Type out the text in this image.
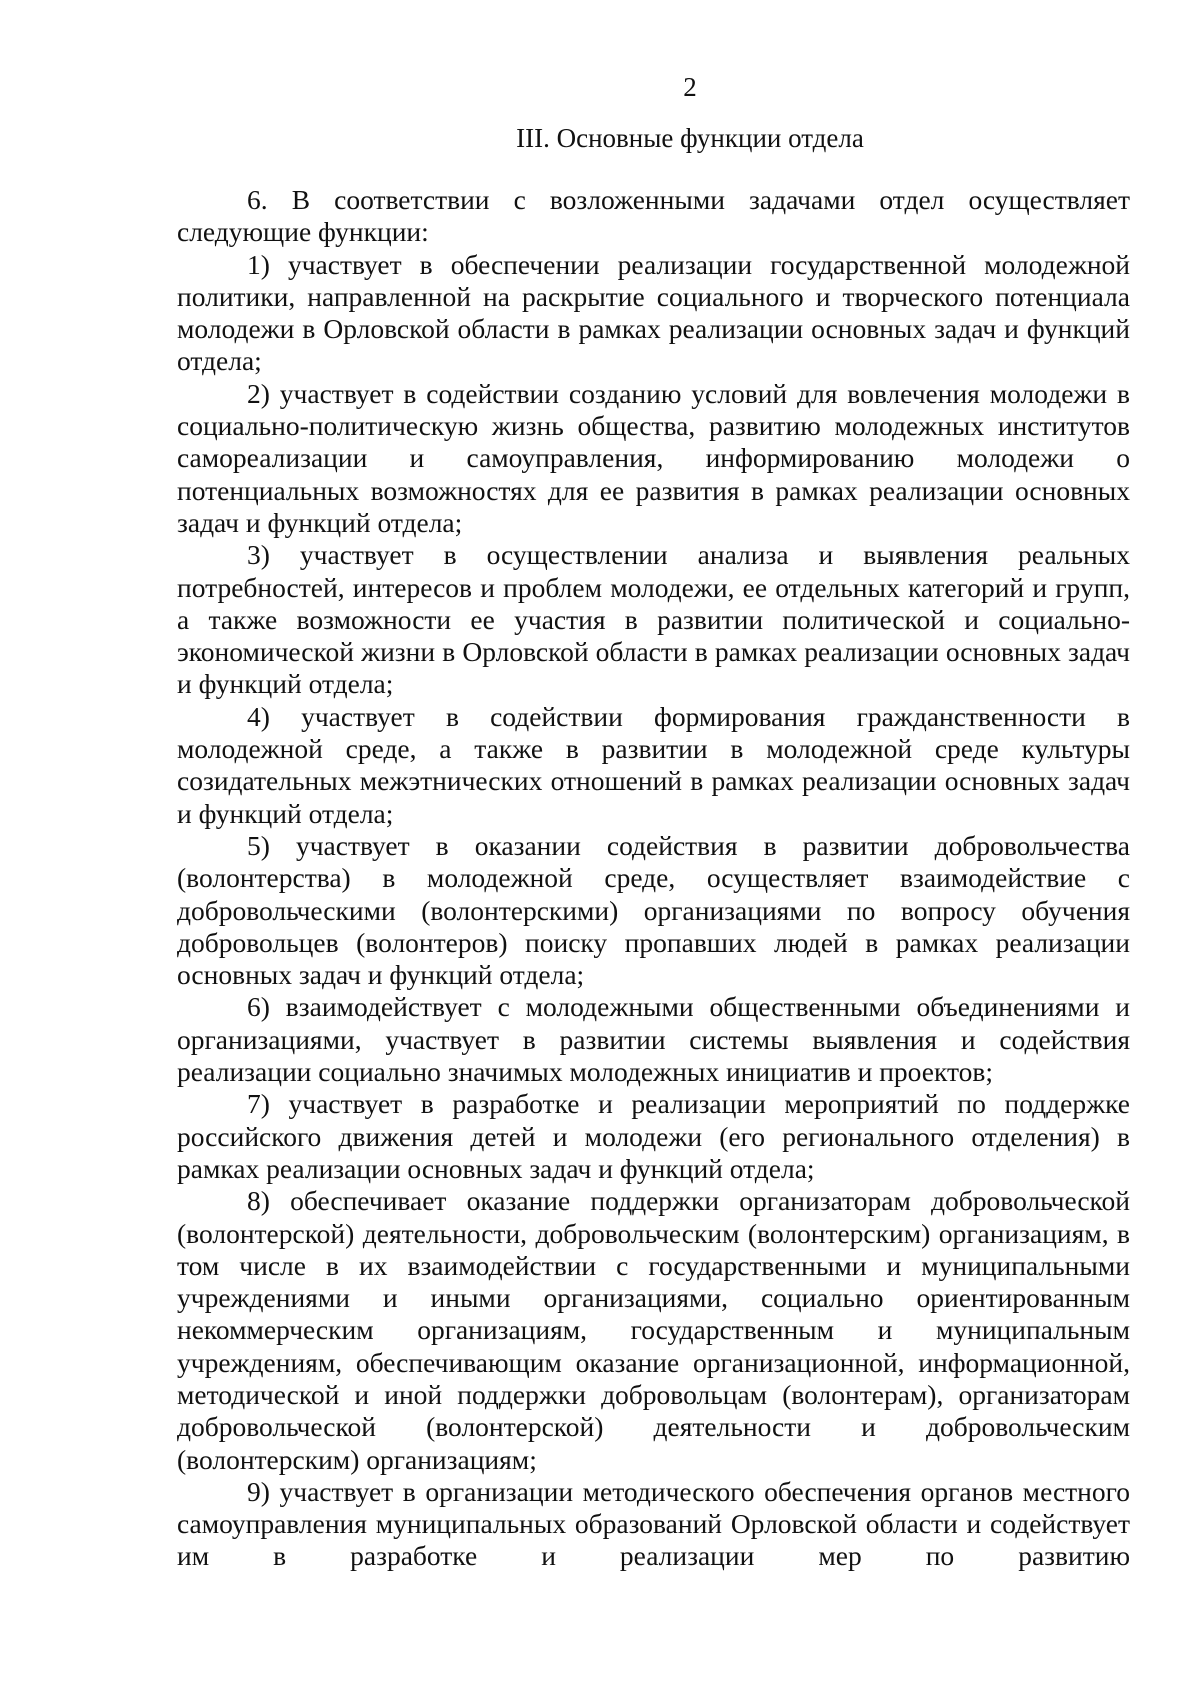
2
III. Основные функции отдела

6. В соответствии с возложенными задачами отдел осуществляет следующие функции:

1) участвует в обеспечении реализации государственной молодежной политики, направленной на раскрытие социального и творческого потенциала молодежи в Орловской области в рамках реализации основных задач и функций отдела;

2) участвует в содействии созданию условий для вовлечения молодежи в социально-политическую жизнь общества, развитию молодежных институтов самореализации и самоуправления, информированию молодежи о потенциальных возможностях для ее развития в рамках реализации основных задач и функций отдела;

3) участвует в осуществлении анализа и выявления реальных потребностей, интересов и проблем молодежи, ее отдельных категорий и групп, а также возможности ее участия в развитии политической и социально-экономической жизни в Орловской области в рамках реализации основных задач и функций отдела;

4) участвует в содействии формирования гражданственности в молодежной среде, а также в развитии в молодежной среде культуры созидательных межэтнических отношений в рамках реализации основных задач и функций отдела;

5) участвует в оказании содействия в развитии добровольчества (волонтерства) в молодежной среде, осуществляет взаимодействие с добровольческими (волонтерскими) организациями по вопросу обучения добровольцев (волонтеров) поиску пропавших людей в рамках реализации основных задач и функций отдела;

6) взаимодействует с молодежными общественными объединениями и организациями, участвует в развитии системы выявления и содействия реализации социально значимых молодежных инициатив и проектов;

7) участвует в разработке и реализации мероприятий по поддержке российского движения детей и молодежи (его регионального отделения) в рамках реализации основных задач и функций отдела;

8) обеспечивает оказание поддержки организаторам добровольческой (волонтерской) деятельности, добровольческим (волонтерским) организациям, в том числе в их взаимодействии с государственными и муниципальными учреждениями и иными организациями, социально ориентированным некоммерческим организациям, государственным и муниципальным учреждениям, обеспечивающим оказание организационной, информационной, методической и иной поддержки добровольцам (волонтерам), организаторам добровольческой (волонтерской) деятельности и добровольческим (волонтерским) организациям;

9) участвует в организации методического обеспечения органов местного самоуправления муниципальных образований Орловской области и содействует им в разработке и реализации мер по развитию
